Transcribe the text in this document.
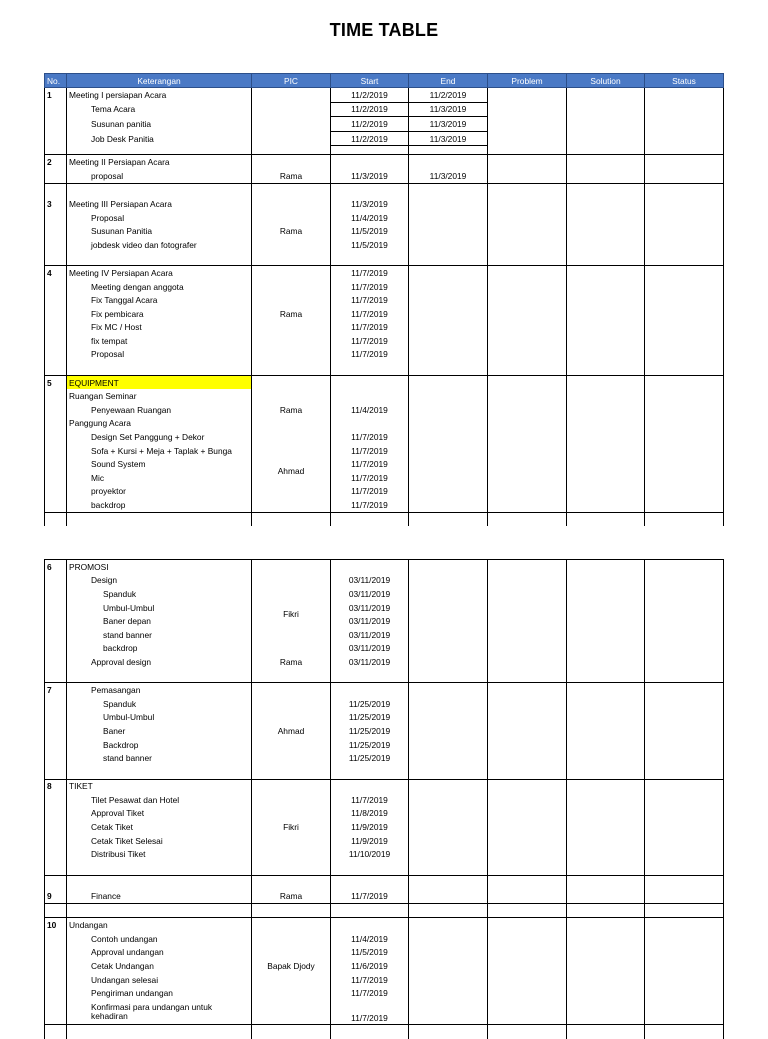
TIME TABLE
No.	Keterangan	PIC	Start	End	Problem	Solution	Status
1	Meeting I persiapan Acara		11/2/2019	11/2/2019			
	Tema Acara		11/2/2019	11/3/2019			
	Susunan panitia		11/2/2019	11/3/2019			
	Job Desk Panitia		11/2/2019	11/3/2019			

2	Meeting II Persiapan Acara						
	proposal	Rama	11/3/2019	11/3/2019			

3	Meeting III Persiapan Acara	Rama	11/3/2019				
	Proposal		11/4/2019				
	Susunan Panitia		11/5/2019				
	jobdesk video dan fotografer		11/5/2019				

4	Meeting IV Persiapan Acara	Rama	11/7/2019				
	Meeting dengan anggota		11/7/2019				
	Fix Tanggal Acara		11/7/2019				
	Fix pembicara		11/7/2019				
	Fix MC / Host		11/7/2019				
	fix tempat		11/7/2019				
	Proposal		11/7/2019				

5	EQUIPMENT						
	Ruangan Seminar						
	Penyewaan Ruangan	Rama	11/4/2019				
	Panggung Acara						
	Design Set Panggung + Dekor	Ahmad	11/7/2019				
	Sofa + Kursi + Meja + Taplak + Bunga		11/7/2019				
	Sound System		11/7/2019				
	Mic		11/7/2019				
	proyektor		11/7/2019				
	backdrop		11/7/2019				

6	PROMOSI						
	Design	Fikri	03/11/2019				
	Spanduk		03/11/2019				
	Umbul-Umbul		03/11/2019				
	Baner depan		03/11/2019				
	stand banner		03/11/2019				
	backdrop		03/11/2019				
	Approval design	Rama	03/11/2019				

7	Pemasangan						
	Spanduk	Ahmad	11/25/2019				
	Umbul-Umbul		11/25/2019				
	Baner		11/25/2019				
	Backdrop		11/25/2019				
	stand banner		11/25/2019				

8	TIKET						
	Tilet Pesawat dan Hotel	Fikri	11/7/2019				
	Approval Tiket		11/8/2019				
	Cetak Tiket		11/9/2019				
	Cetak Tiket Selesai		11/9/2019				
	Distribusi Tiket		11/10/2019				

9	Finance	Rama	11/7/2019				

10	Undangan						
	Contoh undangan	Bapak Djody	11/4/2019				
	Approval undangan		11/5/2019				
	Cetak Undangan		11/6/2019				
	Undangan selesai		11/7/2019				
	Pengiriman undangan		11/7/2019				
	Konfirmasi para undangan untuk kehadiran		11/7/2019				
